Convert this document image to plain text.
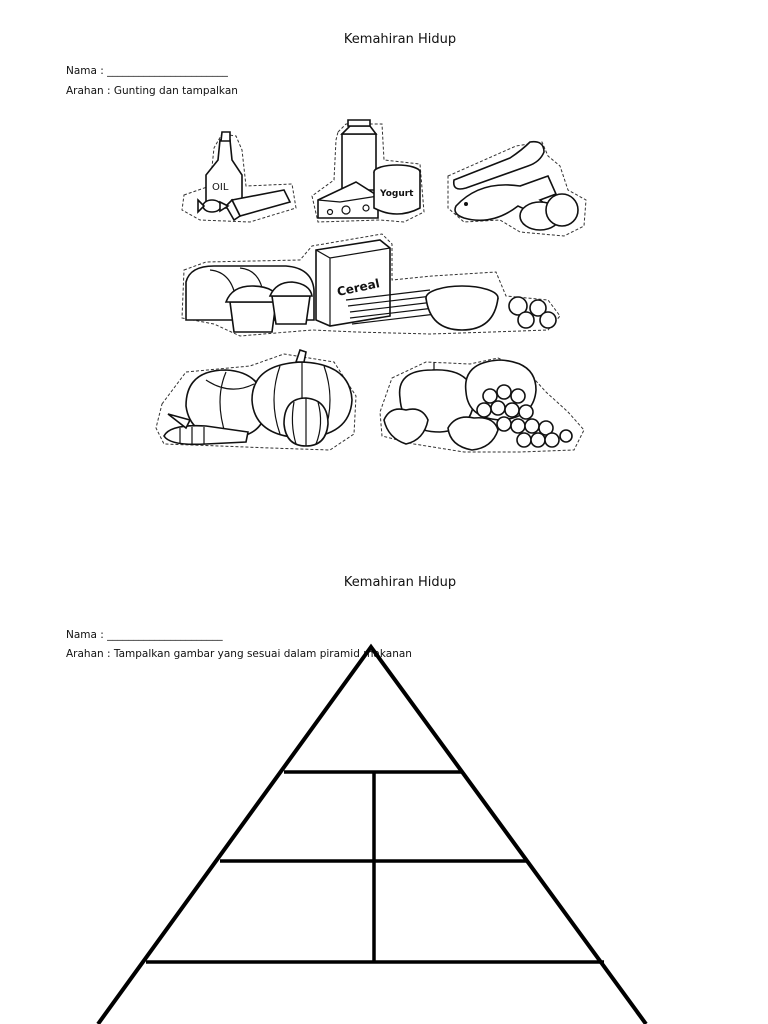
Kemahiran Hidup
Nama : _______________________
Arahan : Gunting dan tampalkan
OIL
Yogurt
Cereal
Kemahiran Hidup
Nama : ______________________
Arahan : Tampalkan gambar yang sesuai dalam piramid makanan
